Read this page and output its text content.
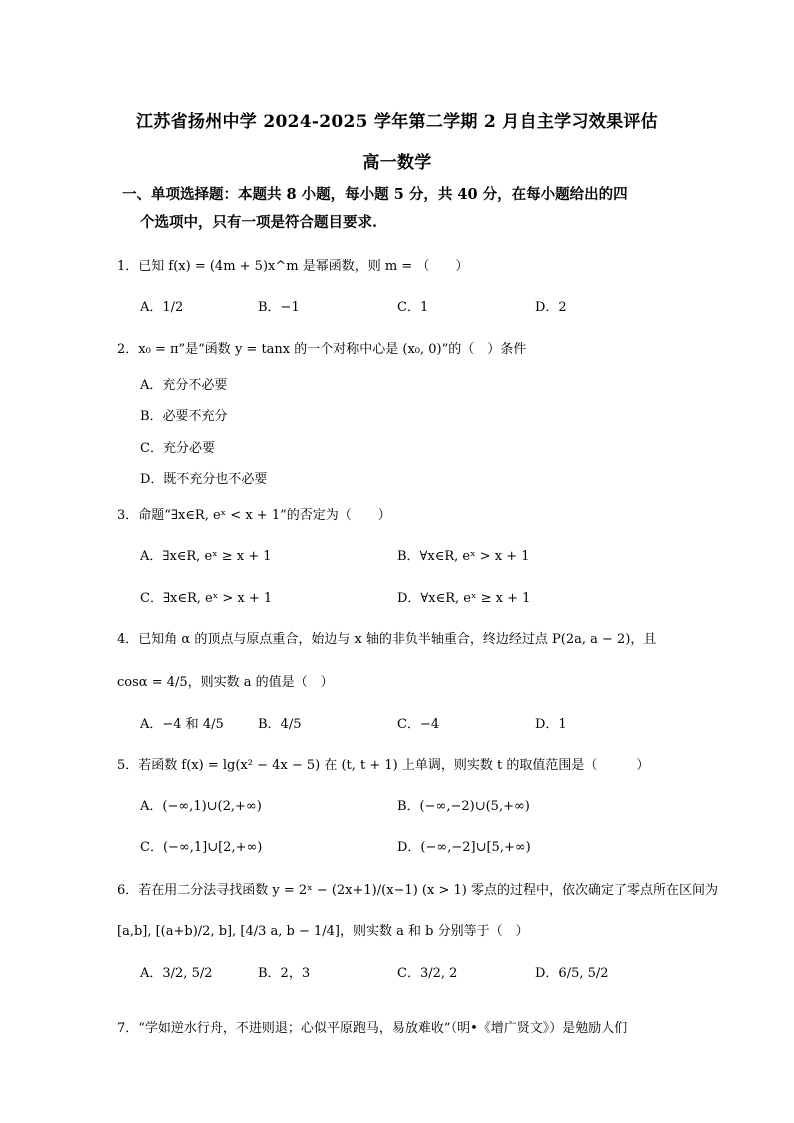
江苏省扬州中学 2024-2025 学年第二学期 2 月自主学习效果评估
高一数学
一、单项选择题：本题共 8 小题，每小题 5 分，共 40 分，在每小题给出的四
个选项中，只有一项是符合题目要求.
1．已知 f(x) = (4m + 5)x^m 是幂函数，则 m = （　　）
A．1/2	B．−1	C．1	D．2
2．x₀ = π”是“函数 y = tanx 的一个对称中心是 (x₀, 0)”的（　）条件
A．充分不必要
B．必要不充分
C．充分必要
D．既不充分也不必要
3．命题“∃x∈R, eˣ < x + 1”的否定为（　　）
A．∃x∈R, eˣ ≥ x + 1	B．∀x∈R, eˣ > x + 1
C．∃x∈R, eˣ > x + 1	D．∀x∈R, eˣ ≥ x + 1
4．已知角 α 的顶点与原点重合，始边与 x 轴的非负半轴重合，终边经过点 P(2a, a − 2)，且
cosα = 4/5，则实数 a 的值是（　）
A．−4 和 4/5	B．4/5	C．−4	D．1
5．若函数 f(x) = lg(x² − 4x − 5) 在 (t, t + 1) 上单调，则实数 t 的取值范围是（　　　）
A．(−∞,1)∪(2,+∞)	B．(−∞,−2)∪(5,+∞)
C．(−∞,1]∪[2,+∞)	D．(−∞,−2]∪[5,+∞)
6．若在用二分法寻找函数 y = 2ˣ − (2x+1)/(x−1) (x > 1) 零点的过程中，依次确定了零点所在区间为
[a,b], [(a+b)/2, b], [4/3 a, b − 1/4]，则实数 a 和 b 分别等于（　）
A．3/2, 5/2	B．2，3	C．3/2, 2	D．6/5, 5/2
7．“学如逆水行舟，不进则退；心似平原跑马，易放难收”（明•《增广贤文》）是勉励人们
